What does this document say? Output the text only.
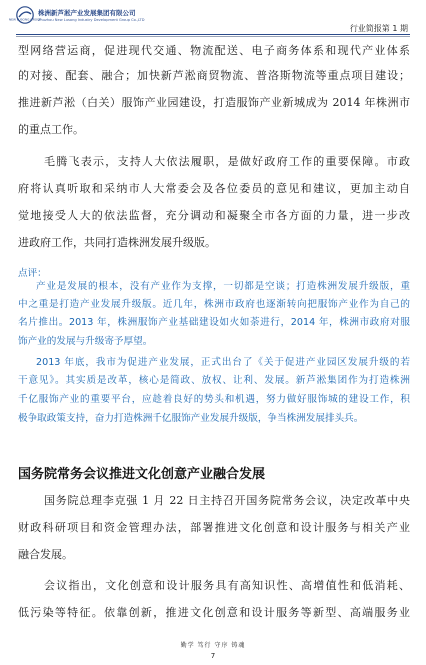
NEW LUSONG GROUP
株洲新芦淞产业发展集团有限公司
Zhuzhou New Lusong Industry Development Group Co.,LTD
行业简报第 1 期
型网络营运商，促进现代交通、物流配送、电子商务体系和现代产业体系
的对接、配套、融合；加快新芦淞商贸物流、普洛斯物流等重点项目建设；
推进新芦淞（白关）服饰产业园建设，打造服饰产业新城成为 2014 年株洲市
的重点工作。
毛腾飞表示，支持人大依法履职，是做好政府工作的重要保障。市政
府将认真听取和采纳市人大常委会及各位委员的意见和建议，更加主动自
觉地接受人大的依法监督，充分调动和凝聚全市各方面的力量，进一步改
进政府工作，共同打造株洲发展升级版。
点评：
产业是发展的根本，没有产业作为支撑，一切都是空谈；打造株洲发展升级版，重
中之重是打造产业发展升级版。近几年，株洲市政府也逐渐转向把服饰产业作为自己的
名片推出。2013 年，株洲服饰产业基础建设如火如荼进行，2014 年，株洲市政府对服
饰产业的发展与升级寄予厚望。
2013 年底，我市为促进产业发展，正式出台了《关于促进产业园区发展升级的若
干意见》。其实质是改革，核心是简政、放权、让利、发展。新芦淞集团作为打造株洲
千亿服饰产业的重要平台，应趁着良好的势头和机遇，努力做好服饰城的建设工作，积
极争取政策支持，奋力打造株洲千亿服饰产业发展升级版，争当株洲发展排头兵。
国务院常务会议推进文化创意产业融合发展
国务院总理李克强 1 月 22 日主持召开国务院常务会议，决定改革中央
财政科研项目和资金管理办法，部署推进文化创意和设计服务与相关产业
融合发展。
会议指出，文化创意和设计服务具有高知识性、高增值性和低消耗、
低污染等特征。依靠创新，推进文化创意和设计服务等新型、高端服务业
勤学 笃行 守序 铸魂
7
